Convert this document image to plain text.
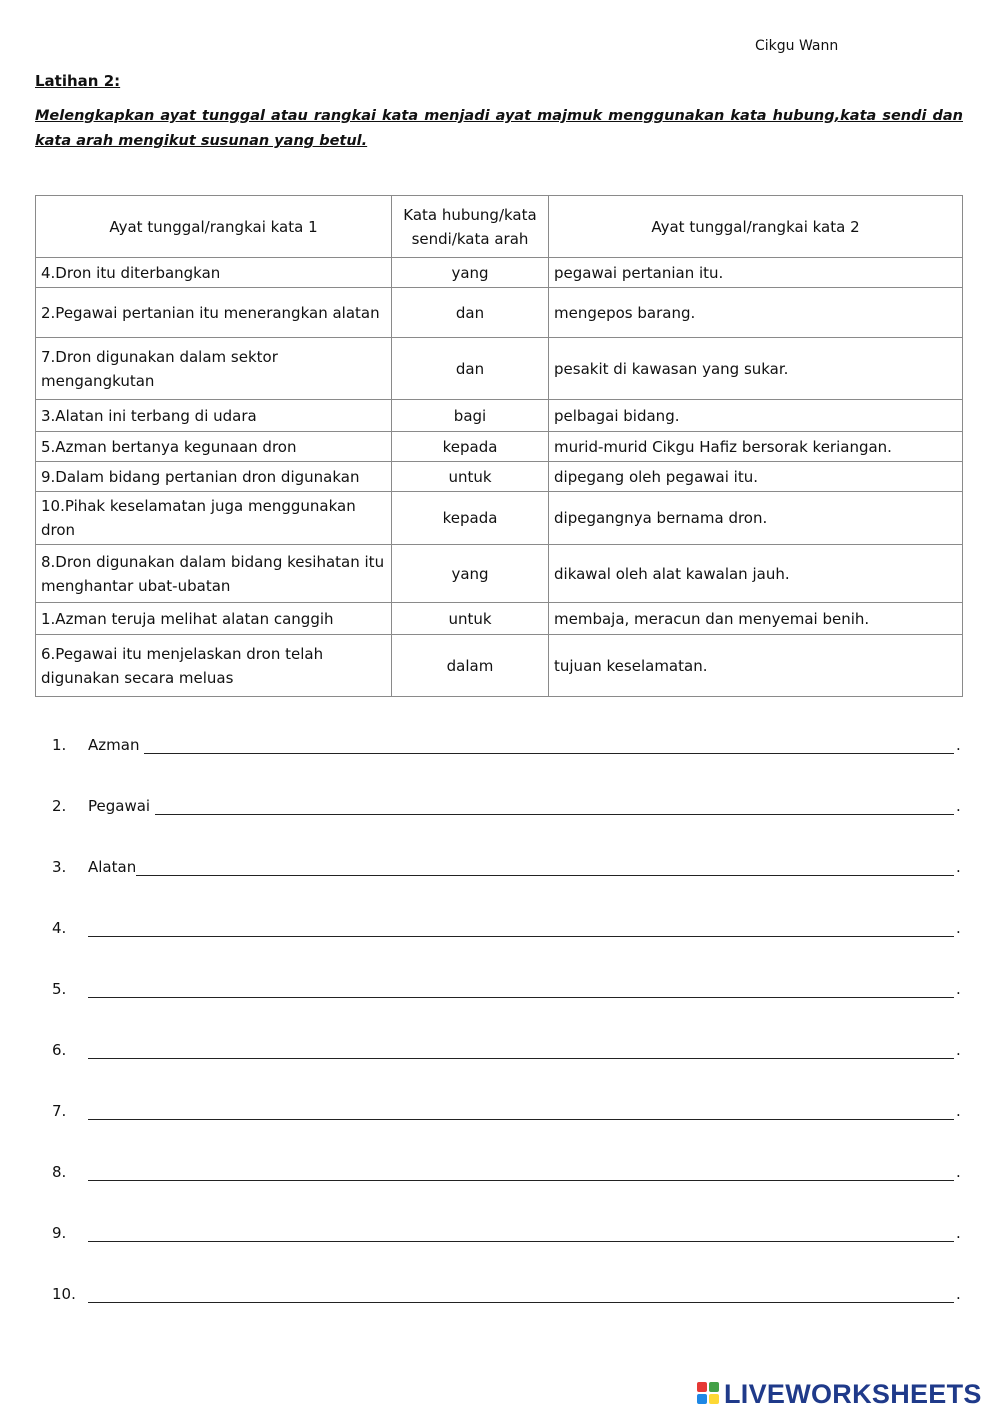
Cikgu Wann
Latihan 2:

Melengkapkan ayat tunggal atau rangkai kata menjadi ayat majmuk menggunakan kata hubung,kata sendi dan kata arah mengikut susunan yang betul.

Ayat tunggal/rangkai kata 1	Kata hubung/kata sendi/kata arah	Ayat tunggal/rangkai kata 2
4.Dron itu diterbangkan	yang	pegawai pertanian itu.
2.Pegawai pertanian itu menerangkan alatan	dan	mengepos barang.
7.Dron digunakan dalam sektor mengangkutan	dan	pesakit di kawasan yang sukar.
3.Alatan ini terbang di udara	bagi	pelbagai bidang.
5.Azman bertanya kegunaan dron	kepada	murid-murid Cikgu Hafiz bersorak keriangan.
9.Dalam bidang pertanian dron digunakan	untuk	dipegang oleh pegawai itu.
10.Pihak keselamatan juga menggunakan dron	kepada	dipegangnya bernama dron.
8.Dron digunakan dalam bidang kesihatan itu menghantar ubat-ubatan	yang	dikawal oleh alat kawalan jauh.
1.Azman teruja melihat alatan canggih	untuk	membaja, meracun dan menyemai benih.
6.Pegawai itu menjelaskan dron telah digunakan secara meluas	dalam	tujuan keselamatan.
1.	Azman	.
2.	Pegawai	.
3.	Alatan	.
4.	.
5.	.
6.	.
7.	.
8.	.
9.	.
10.	.
LIVEWORKSHEETS
